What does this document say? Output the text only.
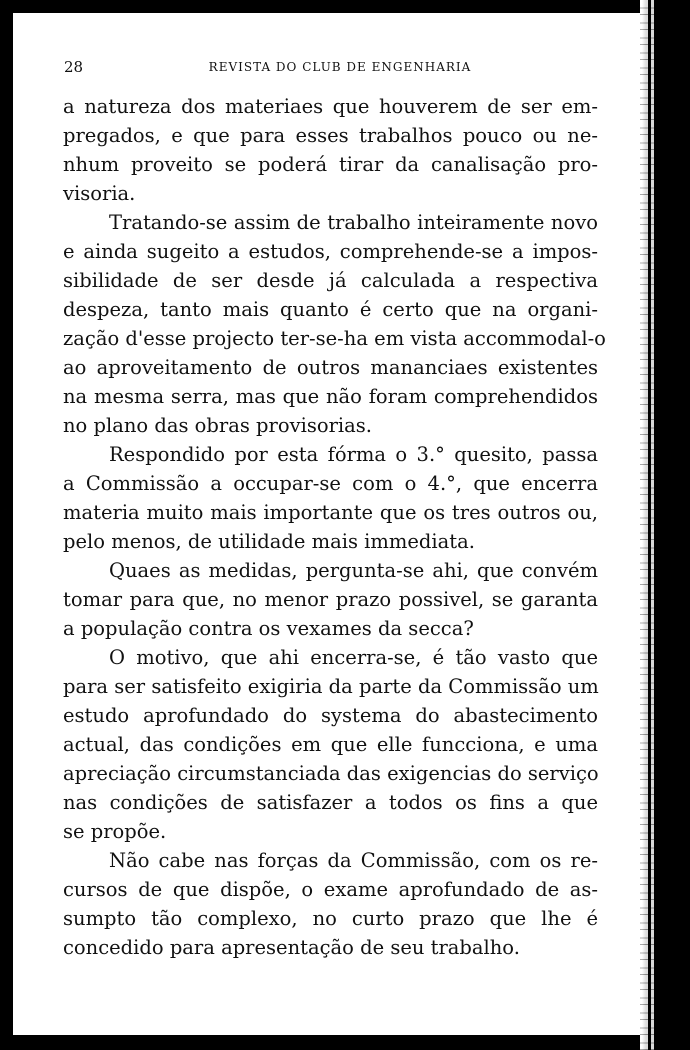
28	REVISTA DO CLUB DE ENGENHARIA

a natureza dos materiaes que houverem de ser em-
pregados, e que para esses trabalhos pouco ou ne-
nhum proveito se poderá tirar da canalisação pro-
visoria.

Tratando-se assim de trabalho inteiramente novo
e ainda sugeito a estudos, comprehende-se a impos-
sibilidade de ser desde já calculada a respectiva
despeza, tanto mais quanto é certo que na organi-
zação d'esse projecto ter-se-ha em vista accommodal-o
ao aproveitamento de outros mananciaes existentes
na mesma serra, mas que não foram comprehendidos
no plano das obras provisorias.

Respondido por esta fórma o 3.° quesito, passa
a Commissão a occupar-se com o 4.°, que encerra
materia muito mais importante que os tres outros ou,
pelo menos, de utilidade mais immediata.

Quaes as medidas, pergunta-se ahi, que convém
tomar para que, no menor prazo possivel, se garanta
a população contra os vexames da secca?

O motivo, que ahi encerra-se, é tão vasto que
para ser satisfeito exigiria da parte da Commissão um
estudo aprofundado do systema do abastecimento
actual, das condições em que elle funcciona, e uma
apreciação circumstanciada das exigencias do serviço
nas condições de satisfazer a todos os fins a que
se propõe.

Não cabe nas forças da Commissão, com os re-
cursos de que dispõe, o exame aprofundado de as-
sumpto tão complexo, no curto prazo que lhe é
concedido para apresentação de seu trabalho.
